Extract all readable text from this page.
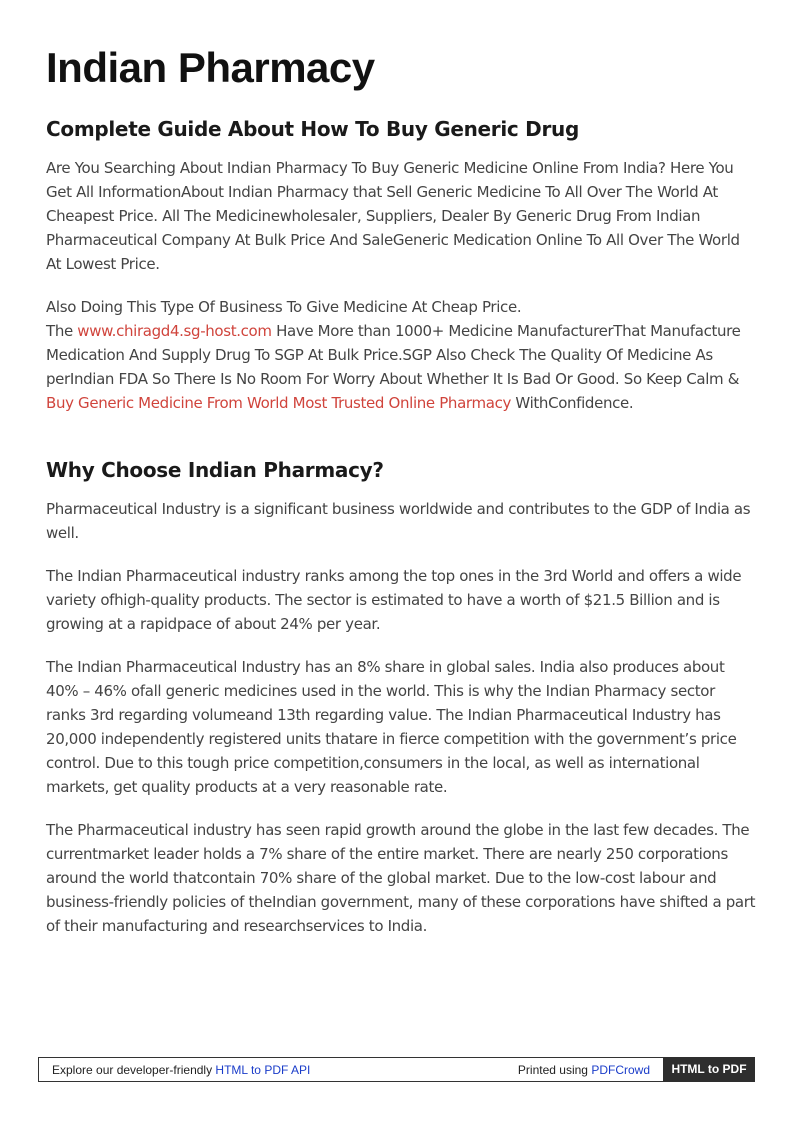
Indian Pharmacy
Complete Guide About How To Buy Generic Drug

Are You Searching About Indian Pharmacy To Buy Generic Medicine Online From India? Here You Get All InformationAbout Indian Pharmacy that Sell Generic Medicine To All Over The World At Cheapest Price. All The Medicinewholesaler, Suppliers, Dealer By Generic Drug From Indian Pharmaceutical Company At Bulk Price And SaleGeneric Medication Online To All Over The World At Lowest Price.

Also Doing This Type Of Business To Give Medicine At Cheap Price.
The www.chiragd4.sg-host.com Have More than 1000+ Medicine ManufacturerThat Manufacture Medication And Supply Drug To SGP At Bulk Price.SGP Also Check The Quality Of Medicine As perIndian FDA So There Is No Room For Worry About Whether It Is Bad Or Good. So Keep Calm & Buy Generic Medicine From World Most Trusted Online Pharmacy WithConfidence.

Why Choose Indian Pharmacy?

Pharmaceutical Industry is a significant business worldwide and contributes to the GDP of India as well.

The Indian Pharmaceutical industry ranks among the top ones in the 3rd World and offers a wide variety ofhigh-quality products. The sector is estimated to have a worth of $21.5 Billion and is growing at a rapidpace of about 24% per year.

The Indian Pharmaceutical Industry has an 8% share in global sales. India also produces about 40% – 46% ofall generic medicines used in the world. This is why the Indian Pharmacy sector ranks 3rd regarding volumeand 13th regarding value. The Indian Pharmaceutical Industry has 20,000 independently registered units thatare in fierce competition with the government’s price control. Due to this tough price competition,consumers in the local, as well as international markets, get quality products at a very reasonable rate.

The Pharmaceutical industry has seen rapid growth around the globe in the last few decades. The currentmarket leader holds a 7% share of the entire market. There are nearly 250 corporations around the world thatcontain 70% share of the global market. Due to the low-cost labour and business-friendly policies of theIndian government, many of these corporations have shifted a part of their manufacturing and researchservices to India.

Explore our developer-friendly HTML to PDF API	Printed using PDFCrowd	HTML to PDF
